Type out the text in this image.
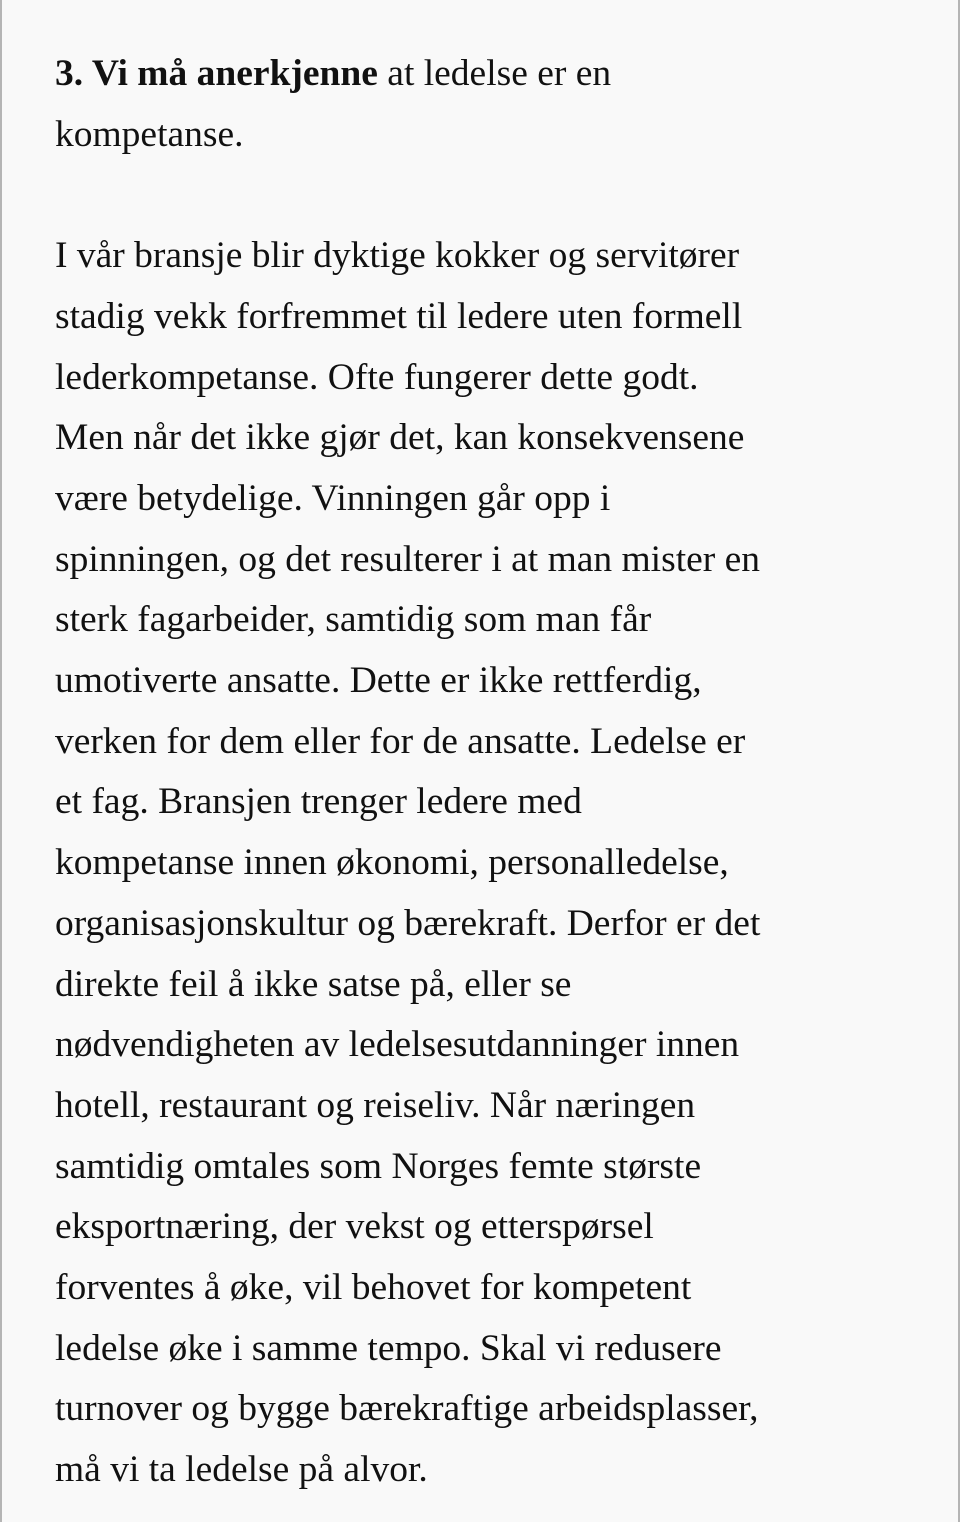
3. Vi må anerkjenne at ledelse er en
kompetanse.

I vår bransje blir dyktige kokker og servitører
stadig vekk forfremmet til ledere uten formell
lederkompetanse. Ofte fungerer dette godt.
Men når det ikke gjør det, kan konsekvensene
være betydelige. Vinningen går opp i
spinningen, og det resulterer i at man mister en
sterk fagarbeider, samtidig som man får
umotiverte ansatte. Dette er ikke rettferdig,
verken for dem eller for de ansatte. Ledelse er
et fag. Bransjen trenger ledere med
kompetanse innen økonomi, personalledelse,
organisasjonskultur og bærekraft. Derfor er det
direkte feil å ikke satse på, eller se
nødvendigheten av ledelsesutdanninger innen
hotell, restaurant og reiseliv. Når næringen
samtidig omtales som Norges femte største
eksportnæring, der vekst og etterspørsel
forventes å øke, vil behovet for kompetent
ledelse øke i samme tempo. Skal vi redusere
turnover og bygge bærekraftige arbeidsplasser,
må vi ta ledelse på alvor.
